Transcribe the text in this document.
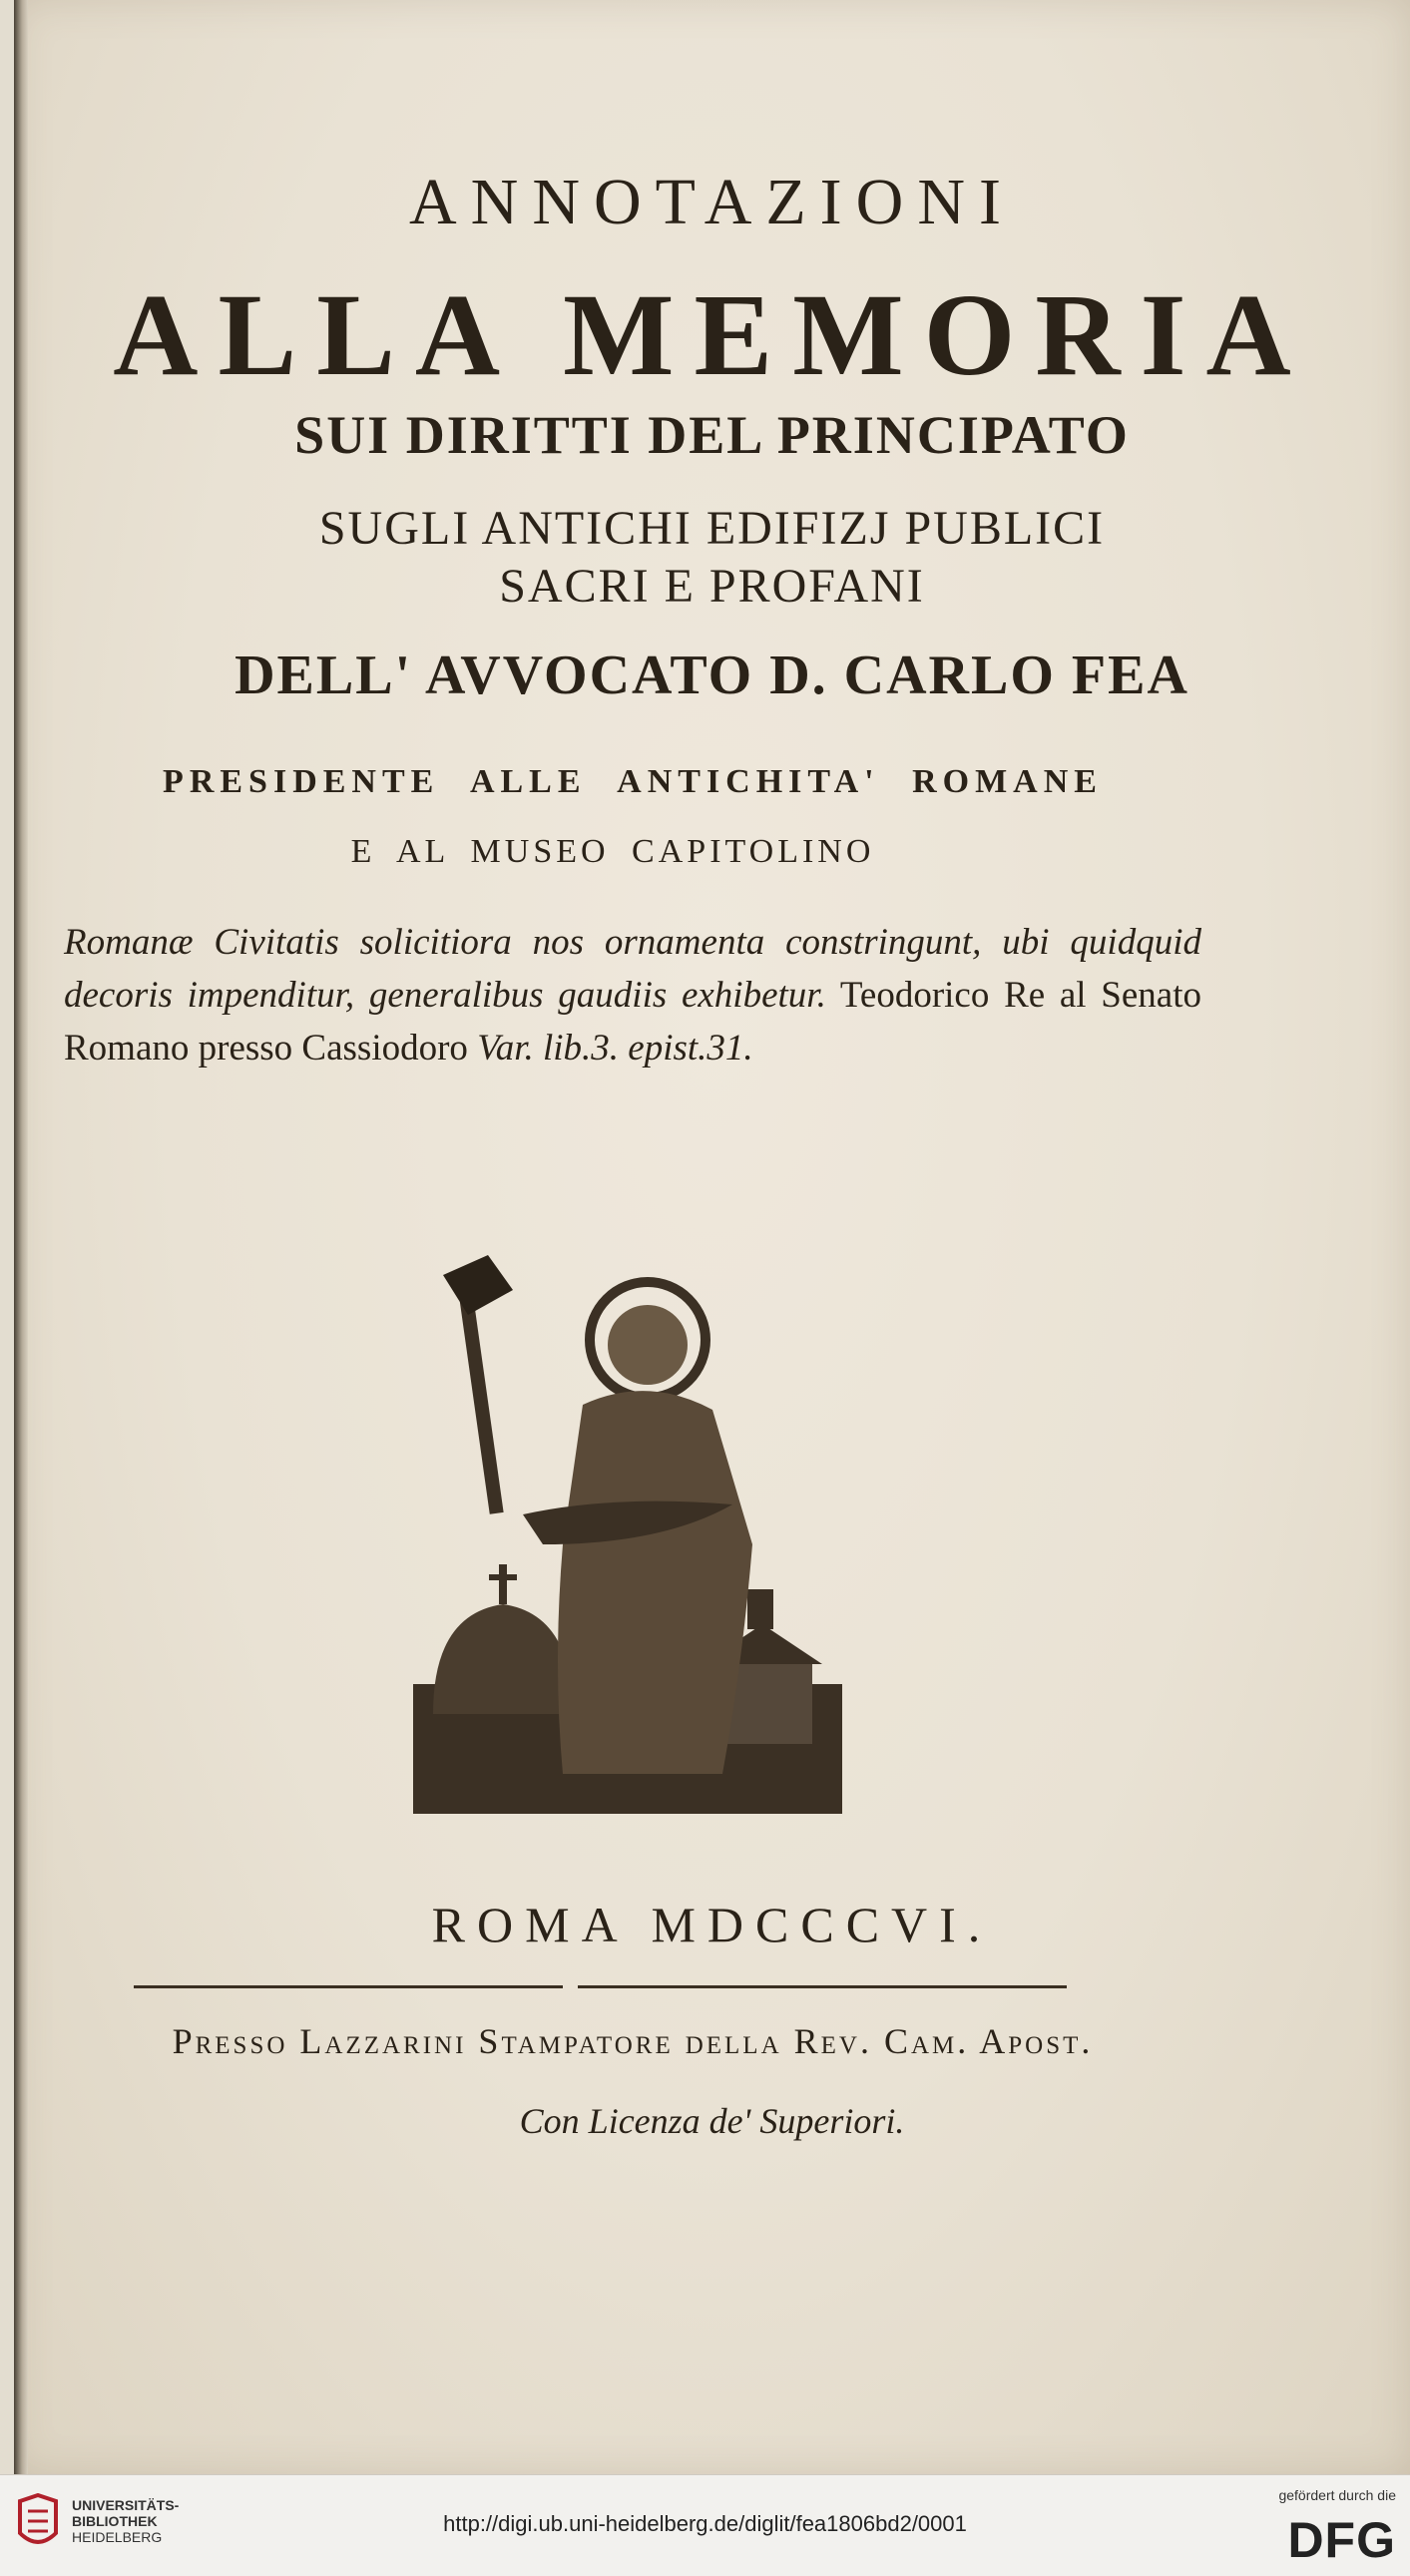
ANNOTAZIONI
ALLA MEMORIA
SUI DIRITTI DEL PRINCIPATO
SUGLI ANTICHI EDIFIZJ PUBLICI
SACRI E PROFANI
DELL' AVVOCATO D. CARLO FEA
PRESIDENTE ALLE ANTICHITA' ROMANE
E AL MUSEO CAPITOLINO
Romanæ Civitatis solicitiora nos ornamenta constringunt, ubi quidquid decoris impenditur, generalibus gaudiis exhibetur. Teodorico Re al Senato Romano presso Cassiodoro Var. lib.3. epist.31.
ROMA MDCCCVI.
Presso Lazzarini Stampatore della Rev. Cam. Apost.
Con Licenza de' Superiori.
UNIVERSITÄTS-
BIBLIOTHEK
HEIDELBERG
http://digi.ub.uni-heidelberg.de/diglit/fea1806bd2/0001
gefördert durch die
DFG
